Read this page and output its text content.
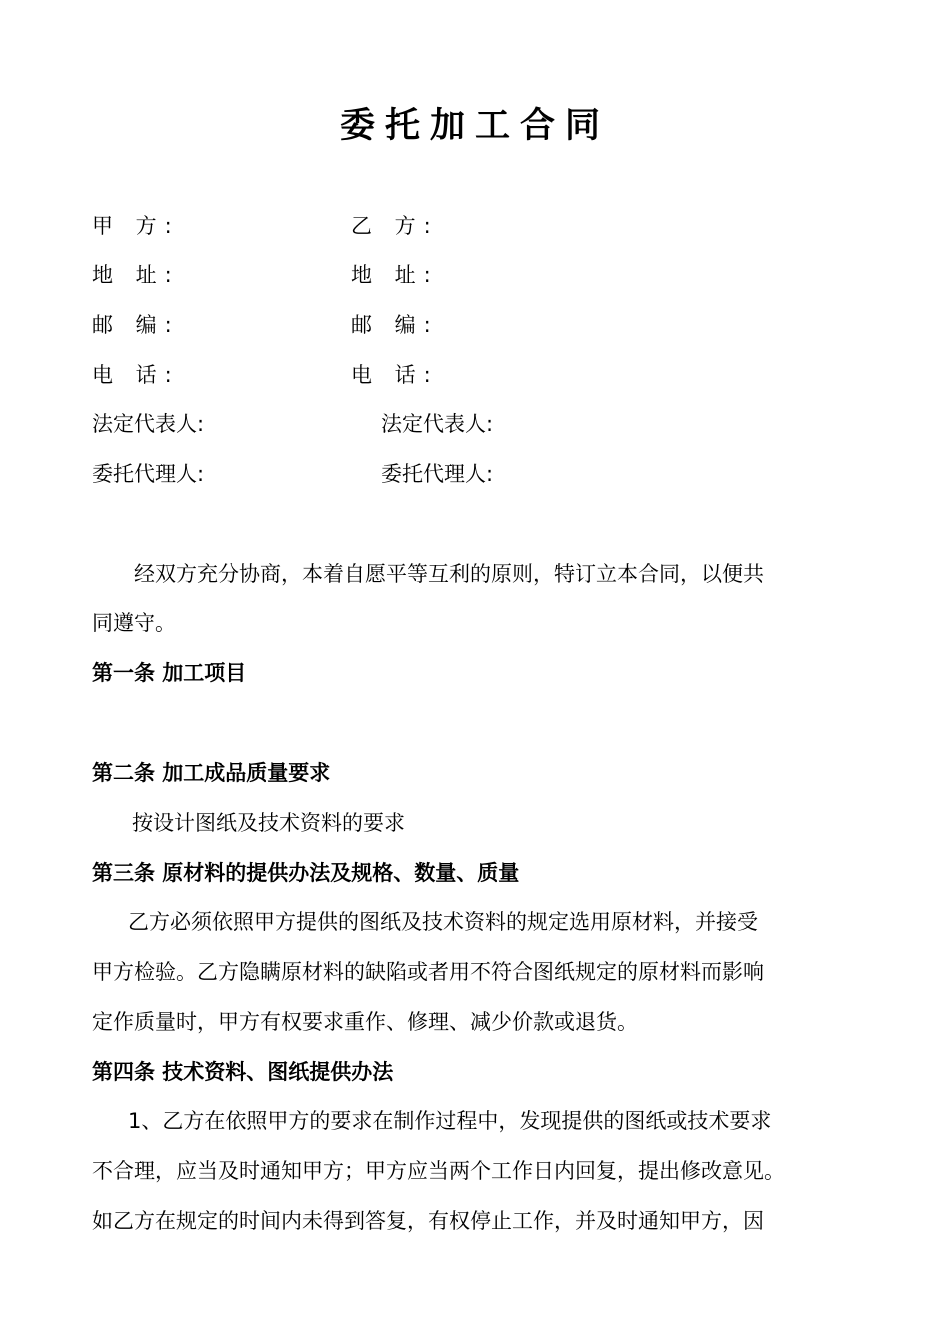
委托加工合同
甲 方:	乙 方:
地 址:	地 址:
邮 编:	邮 编:
电 话:	电 话:
法定代表人:	法定代表人:
委托代理人:	委托代理人:
经双方充分协商，本着自愿平等互利的原则，特订立本合同，以便共
同遵守。
第一条 加工项目
第二条 加工成品质量要求
按设计图纸及技术资料的要求
第三条 原材料的提供办法及规格、数量、质量
乙方必须依照甲方提供的图纸及技术资料的规定选用原材料，并接受
甲方检验。乙方隐瞒原材料的缺陷或者用不符合图纸规定的原材料而影响
定作质量时，甲方有权要求重作、修理、减少价款或退货。
第四条 技术资料、图纸提供办法
1、乙方在依照甲方的要求在制作过程中，发现提供的图纸或技术要求
不合理，应当及时通知甲方；甲方应当两个工作日内回复，提出修改意见。
如乙方在规定的时间内未得到答复，有权停止工作，并及时通知甲方，因
